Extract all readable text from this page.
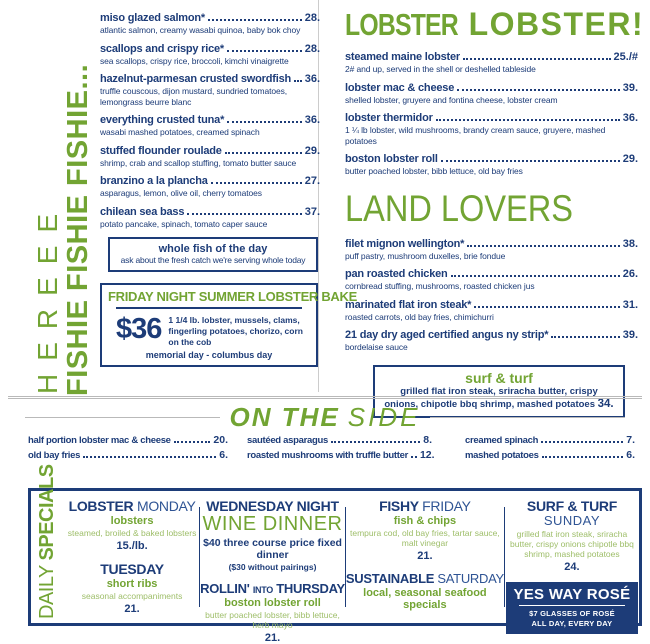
HEREEE FISHIE FISHIE FISHIE...
miso glazed salmon*	28.
atlantic salmon, creamy wasabi quinoa, baby bok choy
scallops and crispy rice*	28.
sea scallops, crispy rice, broccoli, kimchi vinaigrette
hazelnut-parmesan crusted swordfish 36.
truffle couscous, dijon mustard, sundried tomatoes, lemongrass beurre blanc
everything crusted tuna*	36.
wasabi mashed potatoes, creamed spinach
stuffed flounder roulade	29.
shrimp, crab and scallop stuffing, tomato butter sauce
branzino a la plancha	27.
asparagus, lemon, olive oil, cherry tomatoes
chilean sea bass	37.
potato pancake, spinach, tomato caper sauce
whole fish of the day
ask about the fresh catch we're serving whole today
FRIDAY NIGHT SUMMER LOBSTER BAKE
$36 1 1/4 lb. lobster, mussels, clams, fingerling potatoes, chorizo, corn on the cob
memorial day - columbus day
LOBSTER LOBSTER!
steamed maine lobster	25./#
2# and up, served in the shell or deshelled tableside
lobster mac & cheese	39.
shelled lobster, gruyere and fontina cheese, lobster cream
lobster thermidor	36.
1 ¼ lb lobster, wild mushrooms, brandy cream sauce, gruyere, mashed potatoes
boston lobster roll	29.
butter poached lobster, bibb lettuce, old bay fries
LAND LOVERS
filet mignon wellington*	38.
puff pastry, mushroom duxelles, brie fondue
pan roasted chicken	26.
cornbread stuffing, mushrooms, roasted chicken jus
marinated flat iron steak*	31.
roasted carrots, old bay fries, chimichurri
21 day dry aged certified angus ny strip*	39.
bordelaise sauce
surf & turf
grilled flat iron steak, sriracha butter, crispy onions, chipotle bbq shrimp, mashed potatoes 34.
ON THE SIDE
half portion lobster mac & cheese	20.
old bay fries	6.
sautéed asparagus	8.
roasted mushrooms with truffle butter 12.
creamed spinach	7.
mashed potatoes	6.
DAILY SPECIALS LOBSTER MONDAY
lobsters
steamed, broiled & baked lobsters
15./lb.
TUESDAY
short ribs
seasonal accompaniments
21.
WEDNESDAY NIGHT
WINE DINNER
$40 three course price fixed dinner
($30 without pairings)
ROLLIN' INTO THURSDAY
boston lobster roll
butter poached lobster, bibb lettuce, herb mayo
21.
FISHY FRIDAY
fish & chips
tempura cod, old bay fries, tartar sauce, malt vinegar
21.
SUSTAINABLE SATURDAY
local, seasonal seafood specials
SURF & TURF
SUNDAY
grilled flat iron steak, sriracha butter, crispy onions chipotle bbq shrimp, mashed potatoes
24.
YES WAY ROSÉ
$7 GLASSES OF ROSÉ
ALL DAY, EVERY DAY
